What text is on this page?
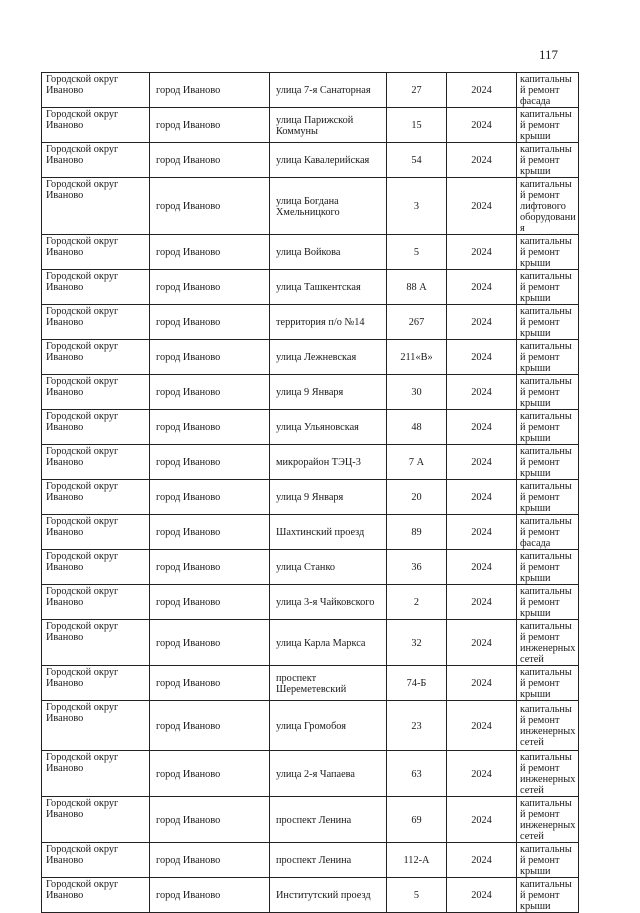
117
Городской округ Иваново	город Иваново	улица 7-я Санаторная	27	2024	капитальный ремонт фасада
Городской округ Иваново	город Иваново	улица Парижской Коммуны	15	2024	капитальный ремонт крыши
Городской округ Иваново	город Иваново	улица Кавалерийская	54	2024	капитальный ремонт крыши
Городской округ Иваново	город Иваново	улица Богдана Хмельницкого	3	2024	капитальный ремонт лифтового оборудования
Городской округ Иваново	город Иваново	улица Войкова	5	2024	капитальный ремонт крыши
Городской округ Иваново	город Иваново	улица Ташкентская	88 А	2024	капитальный ремонт крыши
Городской округ Иваново	город Иваново	территория п/о №14	267	2024	капитальный ремонт крыши
Городской округ Иваново	город Иваново	улица Лежневская	211«В»	2024	капитальный ремонт крыши
Городской округ Иваново	город Иваново	улица 9 Января	30	2024	капитальный ремонт крыши
Городской округ Иваново	город Иваново	улица Ульяновская	48	2024	капитальный ремонт крыши
Городской округ Иваново	город Иваново	микрорайон ТЭЦ-3	7 А	2024	капитальный ремонт крыши
Городской округ Иваново	город Иваново	улица 9 Января	20	2024	капитальный ремонт крыши
Городской округ Иваново	город Иваново	Шахтинский проезд	89	2024	капитальный ремонт фасада
Городской округ Иваново	город Иваново	улица Станко	36	2024	капитальный ремонт крыши
Городской округ Иваново	город Иваново	улица 3-я Чайковского	2	2024	капитальный ремонт крыши
Городской округ Иваново	город Иваново	улица Карла Маркса	32	2024	капитальный ремонт инженерных сетей
Городской округ Иваново	город Иваново	проспект Шереметевский	74-Б	2024	капитальный ремонт крыши
Городской округ Иваново	город Иваново	улица Громобоя	23	2024	капитальный ремонт инженерных сетей
Городской округ Иваново	город Иваново	улица 2-я Чапаева	63	2024	капитальный ремонт инженерных сетей
Городской округ Иваново	город Иваново	проспект Ленина	69	2024	капитальный ремонт инженерных сетей
Городской округ Иваново	город Иваново	проспект Ленина	112-А	2024	капитальный ремонт крыши
Городской округ Иваново	город Иваново	Институтский проезд	5	2024	капитальный ремонт крыши
